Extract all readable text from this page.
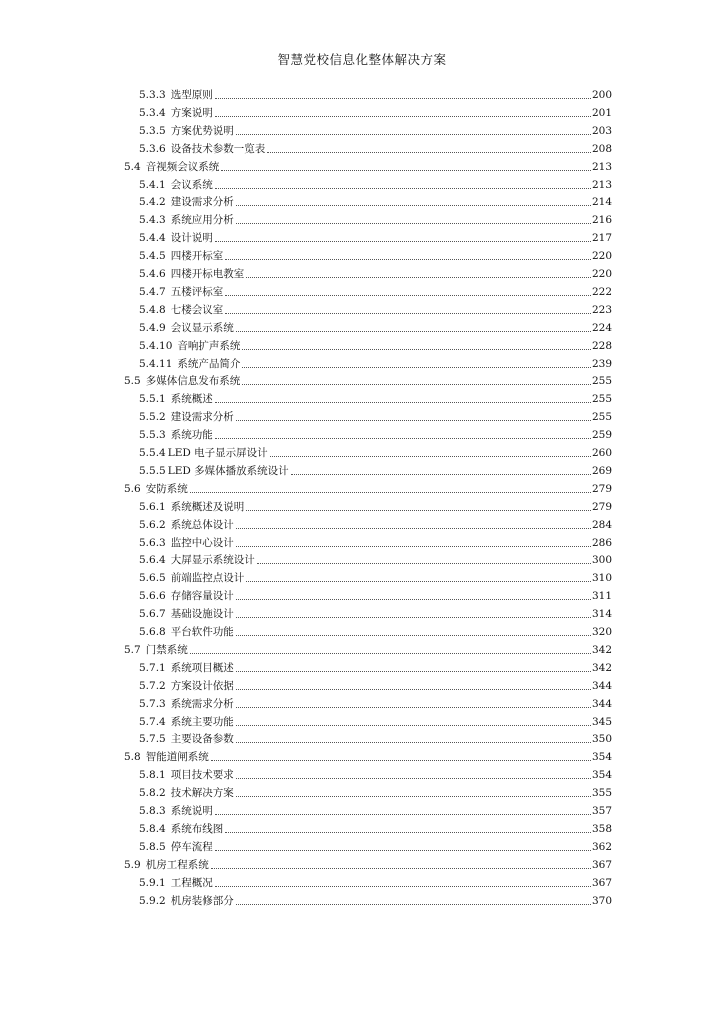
智慧党校信息化整体解决方案
5.3.3 选型原则	200
5.3.4 方案说明	201
5.3.5 方案优势说明	203
5.3.6 设备技术参数一览表	208
5.4 音视频会议系统	213
5.4.1 会议系统	213
5.4.2 建设需求分析	214
5.4.3 系统应用分析	216
5.4.4 设计说明	217
5.4.5 四楼开标室	220
5.4.6 四楼开标电教室	220
5.4.7 五楼评标室	222
5.4.8 七楼会议室	223
5.4.9 会议显示系统	224
5.4.10 音响扩声系统	228
5.4.11 系统产品简介	239
5.5 多媒体信息发布系统	255
5.5.1 系统概述	255
5.5.2 建设需求分析	255
5.5.3 系统功能	259
5.5.4 LED 电子显示屏设计	260
5.5.5 LED 多媒体播放系统设计	269
5.6 安防系统	279
5.6.1 系统概述及说明	279
5.6.2 系统总体设计	284
5.6.3 监控中心设计	286
5.6.4 大屏显示系统设计	300
5.6.5 前端监控点设计	310
5.6.6 存储容量设计	311
5.6.7 基础设施设计	314
5.6.8 平台软件功能	320
5.7 门禁系统	342
5.7.1 系统项目概述	342
5.7.2 方案设计依据	344
5.7.3 系统需求分析	344
5.7.4 系统主要功能	345
5.7.5 主要设备参数	350
5.8 智能道闸系统	354
5.8.1 项目技术要求	354
5.8.2 技术解决方案	355
5.8.3 系统说明	357
5.8.4 系统布线图	358
5.8.5 停车流程	362
5.9 机房工程系统	367
5.9.1 工程概况	367
5.9.2 机房装修部分	370
